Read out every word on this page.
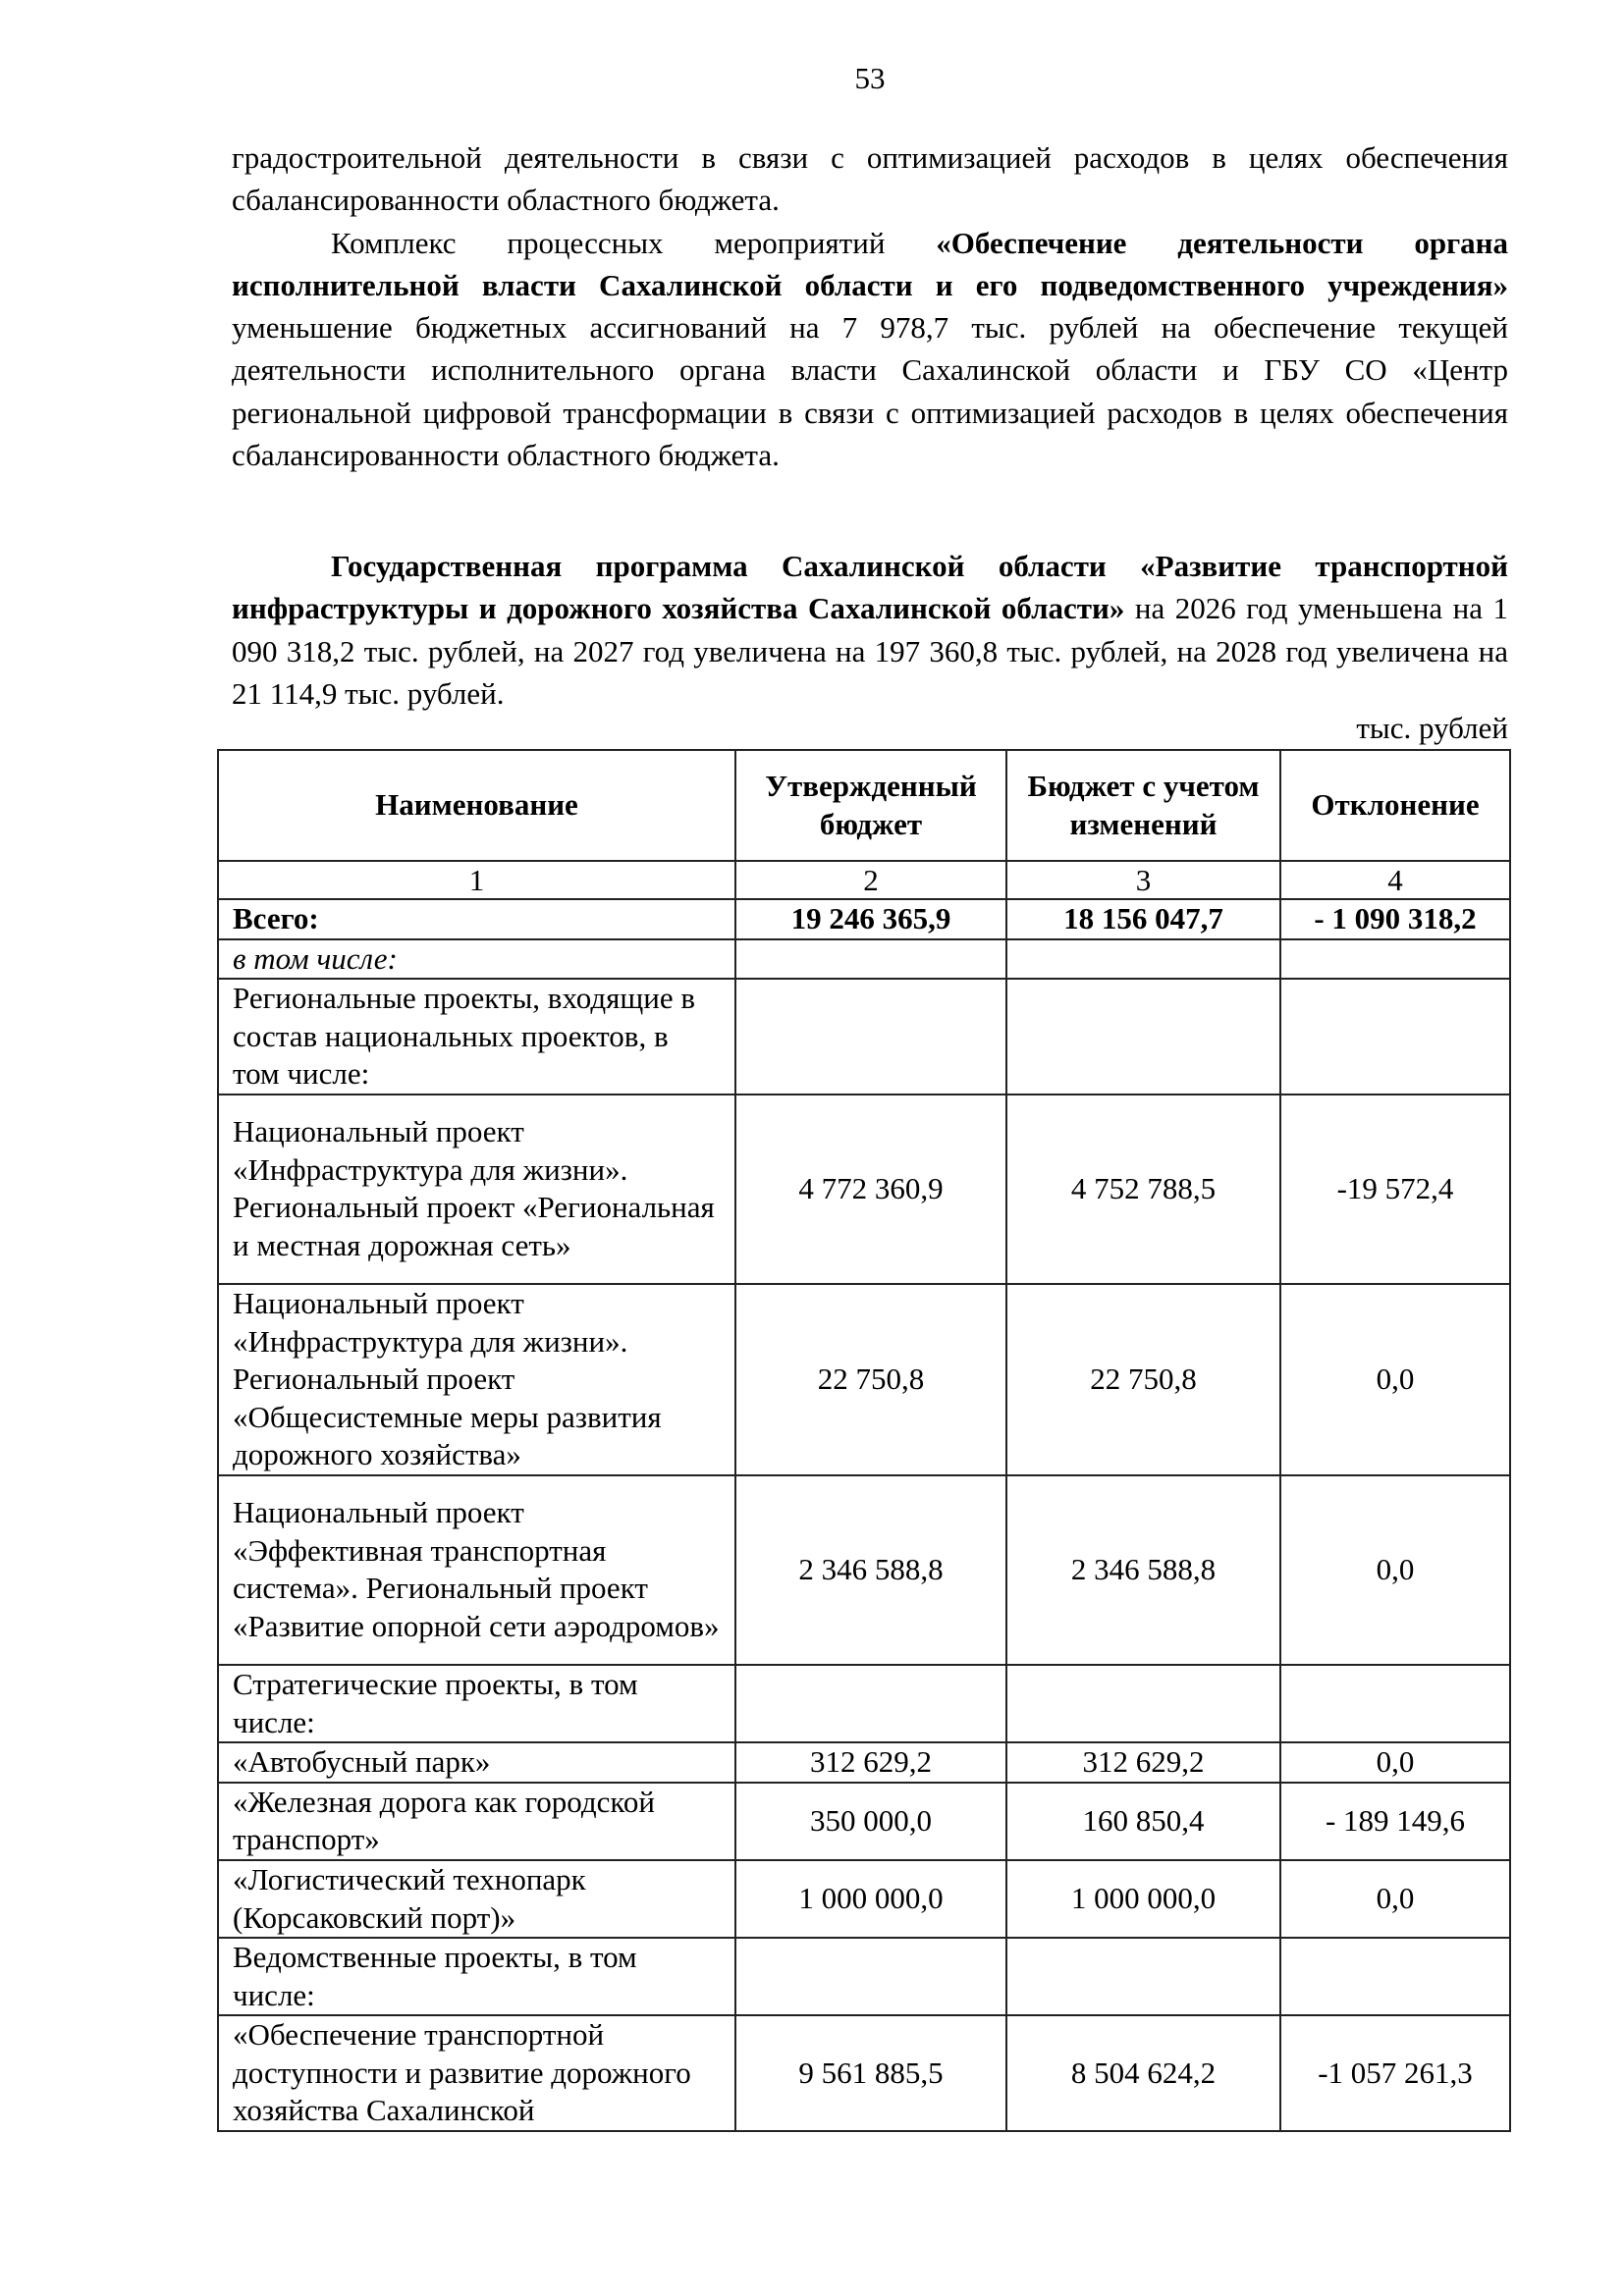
53

градостроительной деятельности в связи с оптимизацией расходов в целях обеспечения сбалансированности областного бюджета.

Комплекс процессных мероприятий «Обеспечение деятельности органа исполнительной власти Сахалинской области и его подведомственного учреждения» уменьшение бюджетных ассигнований на 7 978,7 тыс. рублей на обеспечение текущей деятельности исполнительного органа власти Сахалинской области и ГБУ СО «Центр региональной цифровой трансформации в связи с оптимизацией расходов в целях обеспечения сбалансированности областного бюджета.

Государственная программа Сахалинской области «Развитие транспортной инфраструктуры и дорожного хозяйства Сахалинской области» на 2026 год уменьшена на 1 090 318,2 тыс. рублей, на 2027 год увеличена на 197 360,8 тыс. рублей, на 2028 год увеличена на 21 114,9 тыс. рублей.

тыс. рублей
Наименование	Утвержденный бюджет	Бюджет с учетом изменений	Отклонение
1	2	3	4
Всего:	19 246 365,9	18 156 047,7	- 1 090 318,2
в том числе:			
Региональные проекты, входящие в состав национальных проектов, в том числе:			
Национальный проект «Инфраструктура для жизни». Региональный проект «Региональная и местная дорожная сеть»	4 772 360,9	4 752 788,5	-19 572,4
Национальный проект «Инфраструктура для жизни». Региональный проект «Общесистемные меры развития дорожного хозяйства»	22 750,8	22 750,8	0,0
Национальный проект «Эффективная транспортная система». Региональный проект «Развитие опорной сети аэродромов»	2 346 588,8	2 346 588,8	0,0
Стратегические проекты, в том числе:			
«Автобусный парк»	312 629,2	312 629,2	0,0
«Железная дорога как городской транспорт»	350 000,0	160 850,4	- 189 149,6
«Логистический технопарк (Корсаковский порт)»	1 000 000,0	1 000 000,0	0,0
Ведомственные проекты, в том числе:			
«Обеспечение транспортной доступности и развитие дорожного хозяйства Сахалинской	9 561 885,5	8 504 624,2	-1 057 261,3
